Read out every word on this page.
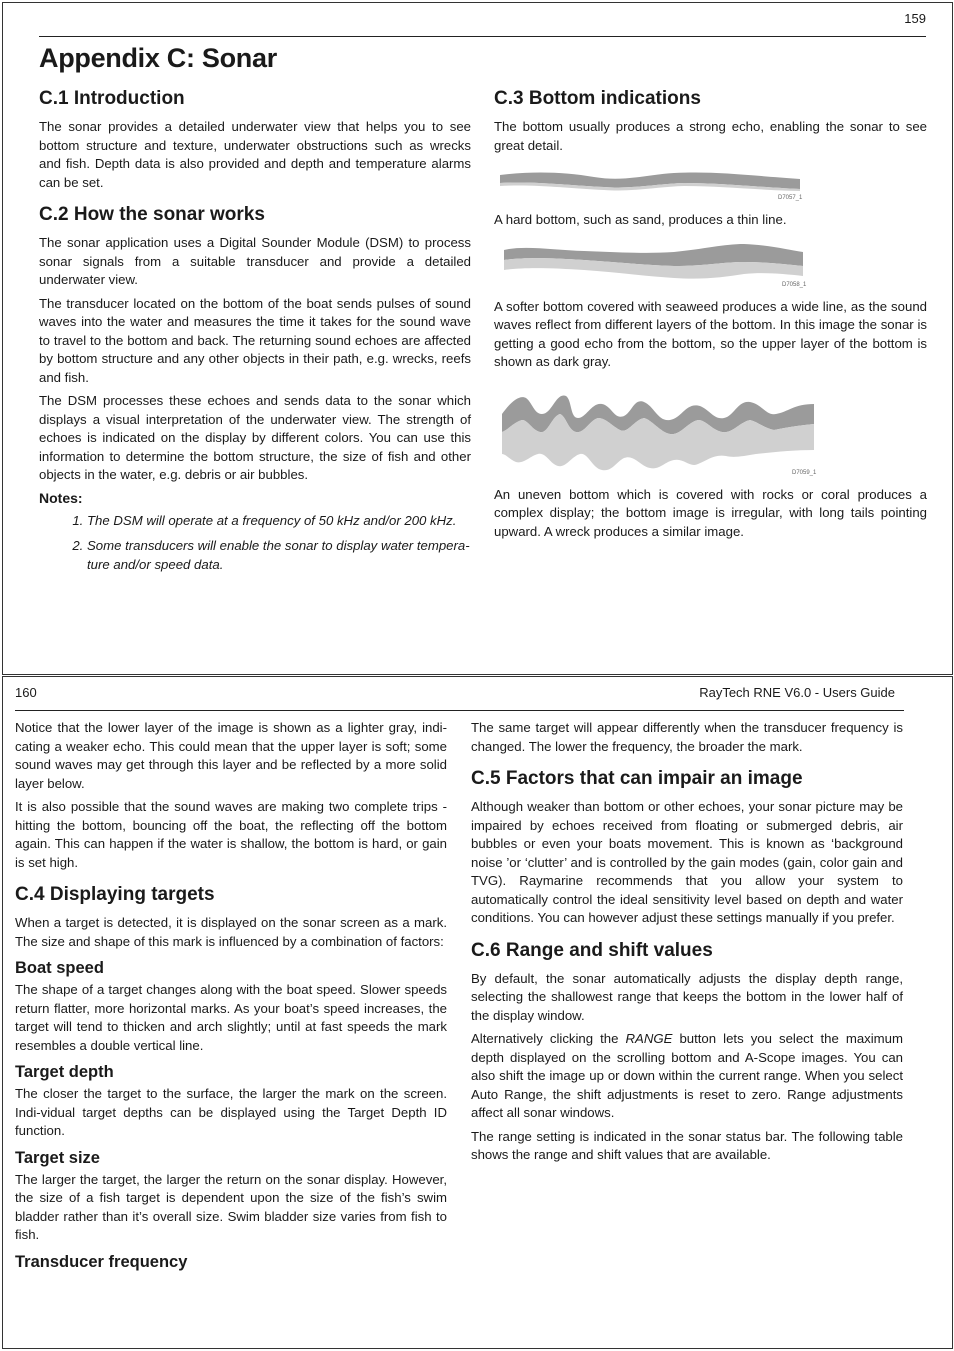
159
Appendix C: Sonar
C.1 Introduction

The sonar provides a detailed underwater view that helps you to see bottom structure and texture, underwater obstructions such as wrecks and fish. Depth data is also provided and depth and temperature alarms can be set.

C.2 How the sonar works

The sonar application uses a Digital Sounder Module (DSM) to process sonar signals from a suitable transducer and provide a detailed underwater view.

The transducer located on the bottom of the boat sends pulses of sound waves into the water and measures the time it takes for the sound wave to travel to the bottom and back. The returning sound echoes are affected by bottom structure and any other objects in their path, e.g. wrecks, reefs and fish.

The DSM processes these echoes and sends data to the sonar which displays a visual interpretation of the underwater view. The strength of echoes is indicated on the display by different colors. You can use this information to determine the bottom structure, the size of fish and other objects in the water, e.g. debris or air bubbles.

Notes:
1. The DSM will operate at a frequency of 50 kHz and/or 200 kHz.
2. Some transducers will enable the sonar to display water tempera-ture and/or speed data.
C.3 Bottom indications

The bottom usually produces a strong echo, enabling the sonar to see great detail.

D7057_1

A hard bottom, such as sand, produces a thin line.

D7058_1

A softer bottom covered with seaweed produces a wide line, as the sound waves reflect from different layers of the bottom. In this image the sonar is getting a good echo from the bottom, so the upper layer of the bottom is shown as dark gray.

D7059_1

An uneven bottom which is covered with rocks or coral produces a complex display; the bottom image is irregular, with long tails pointing upward. A wreck produces a similar image.

160	RayTech RNE V6.0 - Users Guide

Notice that the lower layer of the image is shown as a lighter gray, indi-cating a weaker echo. This could mean that the upper layer is soft; some sound waves may get through this layer and be reflected by a more solid layer below.

It is also possible that the sound waves are making two complete trips - hitting the bottom, bouncing off the boat, the reflecting off the bottom again. This can happen if the water is shallow, the bottom is hard, or gain is set high.

C.4 Displaying targets

When a target is detected, it is displayed on the sonar screen as a mark. The size and shape of this mark is influenced by a combination of factors:

Boat speed

The shape of a target changes along with the boat speed. Slower speeds return flatter, more horizontal marks. As your boat’s speed increases, the target will tend to thicken and arch slightly; until at fast speeds the mark resembles a double vertical line.

Target depth

The closer the target to the surface, the larger the mark on the screen. Indi-vidual target depths can be displayed using the Target Depth ID function.

Target size

The larger the target, the larger the return on the sonar display. However, the size of a fish target is dependent upon the size of the fish’s swim bladder rather than it’s overall size. Swim bladder size varies from fish to fish.

Transducer frequency

The same target will appear differently when the transducer frequency is changed. The lower the frequency, the broader the mark.

C.5 Factors that can impair an image

Although weaker than bottom or other echoes, your sonar picture may be impaired by echoes received from floating or submerged debris, air bubbles or even your boats movement. This is known as ‘background noise ’or ‘clutter’ and is controlled by the gain modes (gain, color gain and TVG). Raymarine recommends that you allow your system to automatically control the ideal sensitivity level based on depth and water conditions. You can however adjust these settings manually if you prefer.

C.6 Range and shift values

By default, the sonar automatically adjusts the display depth range, selecting the shallowest range that keeps the bottom in the lower half of the display window.

Alternatively clicking the RANGE button lets you select the maximum depth displayed on the scrolling bottom and A-Scope images. You can also shift the image up or down within the current range. When you select Auto Range, the shift adjustments is reset to zero. Range adjustments affect all sonar windows.

The range setting is indicated in the sonar status bar. The following table shows the range and shift values that are available.
